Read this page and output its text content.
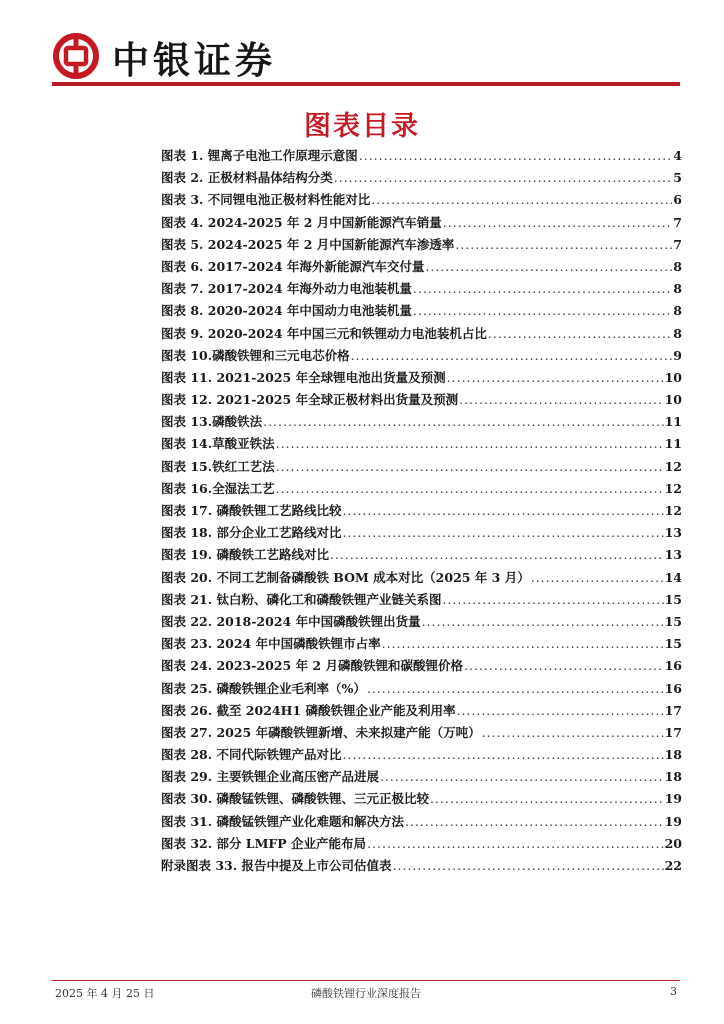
中银证券
图表目录
图表 1. 锂离子电池工作原理示意图 .....	4
图表 2. 正极材料晶体结构分类 .....	5
图表 3. 不同锂电池正极材料性能对比 .....	6
图表 4. 2024-2025 年 2 月中国新能源汽车销量 .....	7
图表 5. 2024-2025 年 2 月中国新能源汽车渗透率 .....	7
图表 6. 2017-2024 年海外新能源汽车交付量 .....	8
图表 7. 2017-2024 年海外动力电池装机量 .....	8
图表 8. 2020-2024 年中国动力电池装机量 .....	8
图表 9. 2020-2024 年中国三元和铁锂动力电池装机占比 .....	8
图表 10.磷酸铁锂和三元电芯价格 .....	9
图表 11. 2021-2025 年全球锂电池出货量及预测 .....	10
图表 12. 2021-2025 年全球正极材料出货量及预测 .....	10
图表 13.磷酸铁法 .....	11
图表 14.草酸亚铁法 .....	11
图表 15.铁红工艺法 .....	12
图表 16.全湿法工艺 .....	12
图表 17. 磷酸铁锂工艺路线比较 .....	12
图表 18. 部分企业工艺路线对比 .....	13
图表 19. 磷酸铁工艺路线对比 .....	13
图表 20. 不同工艺制备磷酸铁 BOM 成本对比（2025 年 3 月） .....	14
图表 21. 钛白粉、磷化工和磷酸铁锂产业链关系图 .....	15
图表 22. 2018-2024 年中国磷酸铁锂出货量 .....	15
图表 23. 2024 年中国磷酸铁锂市占率 .....	15
图表 24. 2023-2025 年 2 月磷酸铁锂和碳酸锂价格 .....	16
图表 25. 磷酸铁锂企业毛利率（%） .....	16
图表 26. 截至 2024H1 磷酸铁锂企业产能及利用率 .....	17
图表 27. 2025 年磷酸铁锂新增、未来拟建产能（万吨） .....	17
图表 28. 不同代际铁锂产品对比 .....	18
图表 29. 主要铁锂企业高压密产品进展 .....	18
图表 30. 磷酸锰铁锂、磷酸铁锂、三元正极比较 .....	19
图表 31. 磷酸锰铁锂产业化难题和解决方法 .....	19
图表 32. 部分 LMFP 企业产能布局 .....	20
附录图表 33. 报告中提及上市公司估值表 .....	22
2025 年 4 月 25 日	磷酸铁锂行业深度报告	3
